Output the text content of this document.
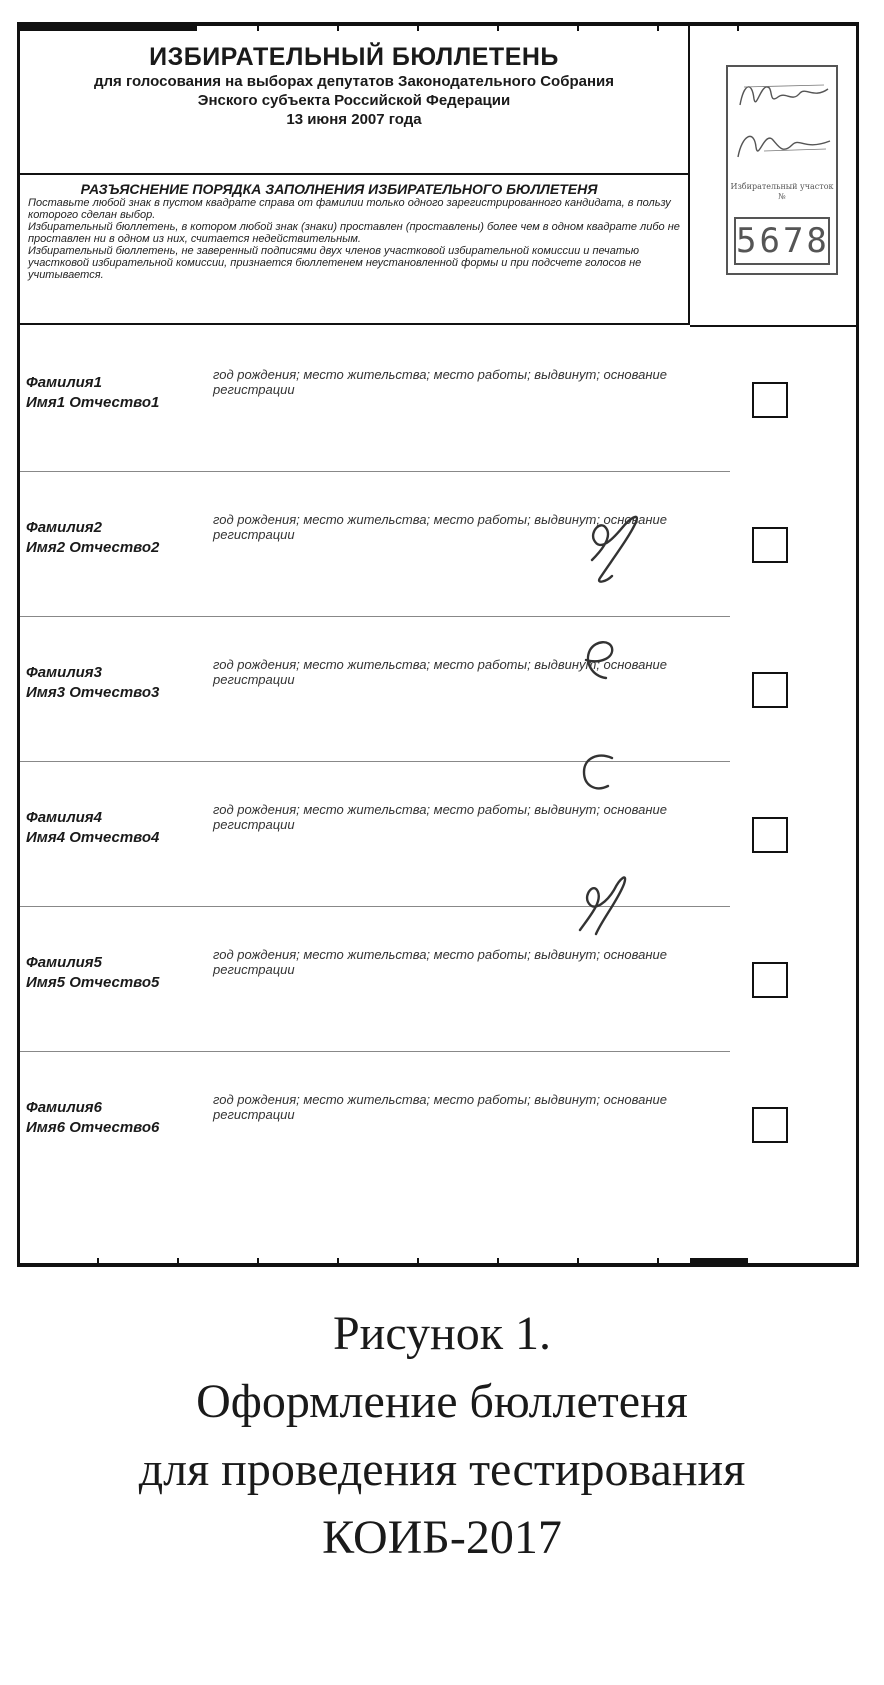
ИЗБИРАТЕЛЬНЫЙ БЮЛЛЕТЕНЬ
для голосования на выборах депутатов Законодательного Собрания
Энского субъекта Российской Федерации
13 июня 2007 года
РАЗЪЯСНЕНИЕ ПОРЯДКА ЗАПОЛНЕНИЯ ИЗБИРАТЕЛЬНОГО БЮЛЛЕТЕНЯ
Поставьте любой знак в пустом квадрате справа от фамилии только одного зарегистрированного кандидата, в пользу которого сделан выбор.
Избирательный бюллетень, в котором любой знак (знаки) проставлен (проставлены) более чем в одном квадрате либо не проставлен ни в одном из них, считается недействительным.
Избирательный бюллетень, не заверенный подписями двух членов участковой избирательной комиссии и печатью участковой избирательной комиссии, признается бюллетенем неустановленной формы и при подсчете голосов не учитывается.
Избирательный участок
№
5678
Фамилия1
Имя1 Отчество1
год рождения; место жительства; место работы; выдвинут; основание регистрации
Фамилия2
Имя2 Отчество2
год рождения; место жительства; место работы; выдвинут; основание регистрации
Фамилия3
Имя3 Отчество3
год рождения; место жительства; место работы; выдвинут; основание регистрации
Фамилия4
Имя4 Отчество4
год рождения; место жительства; место работы; выдвинут; основание регистрации
Фамилия5
Имя5 Отчество5
год рождения; место жительства; место работы; выдвинут; основание регистрации
Фамилия6
Имя6 Отчество6
год рождения; место жительства; место работы; выдвинут; основание регистрации
Рисунок 1.
Оформление бюллетеня
для проведения тестирования
КОИБ-2017
